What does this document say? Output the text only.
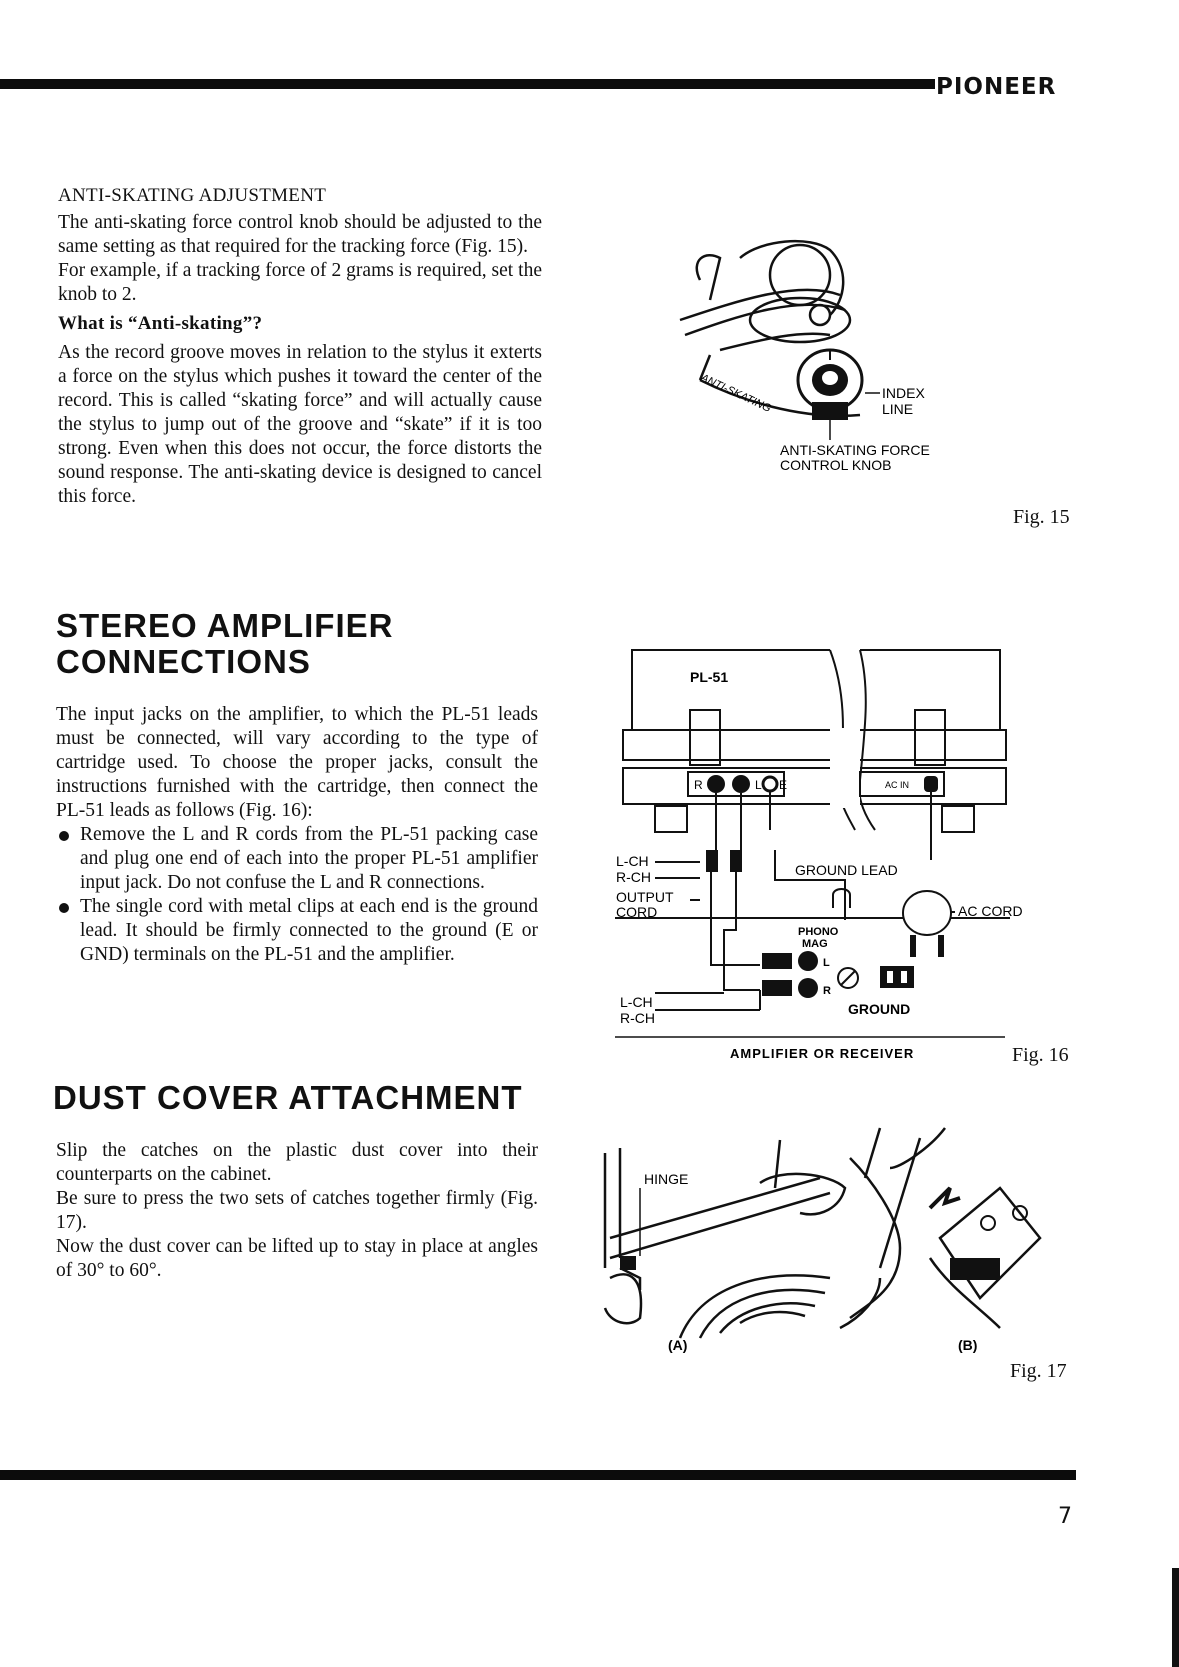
PIONEER

ANTI-SKATING ADJUSTMENT

The anti-skating force control knob should be adjusted to the same setting as that required for the tracking force (Fig. 15).

For example, if a tracking force of 2 grams is required, set the knob to 2.

What is “Anti-skating”?

As the record groove moves in relation to the stylus it exterts a force on the stylus which pushes it toward the center of the record. This is called “skating force” and will actually cause the stylus to jump out of the groove and “skate” if it is too strong. Even when this does not occur, the force distorts the sound response. The anti-skating device is designed to cancel this force.

ANTI-SKATING	INDEX
LINE
ANTI-SKATING FORCE
CONTROL KNOB
Fig. 15
STEREO AMPLIFIER
CONNECTIONS

The input jacks on the amplifier, to which the PL-51 leads must be connected, will vary according to the type of cartridge used. To choose the proper jacks, consult the instructions furnished with the cartridge, then connect the PL-51 leads as follows (Fig. 16):

Remove the L and R cords from the PL-51 packing case and plug one end of each into the proper PL-51 amplifier input jack. Do not confuse the L and R connections.
The single cord with metal clips at each end is the ground lead. It should be firmly connected to the ground (E or GND) terminals on the PL-51 and the amplifier.
PL-51
R	L E	AC IN
L-CH
R-CH
OUTPUT
CORD
GROUND LEAD
AC CORD
PHONO
MAG
L
R
L-CH
R-CH
GROUND
AMPLIFIER OR RECEIVER	Fig. 16
DUST COVER ATTACHMENT

Slip the catches on the plastic dust cover into their counterparts on the cabinet.

Be sure to press the two sets of catches together firmly (Fig. 17).

Now the dust cover can be lifted up to stay in place at angles of 30° to 60°.

HINGE
(A)	(B)
Fig. 17
7
